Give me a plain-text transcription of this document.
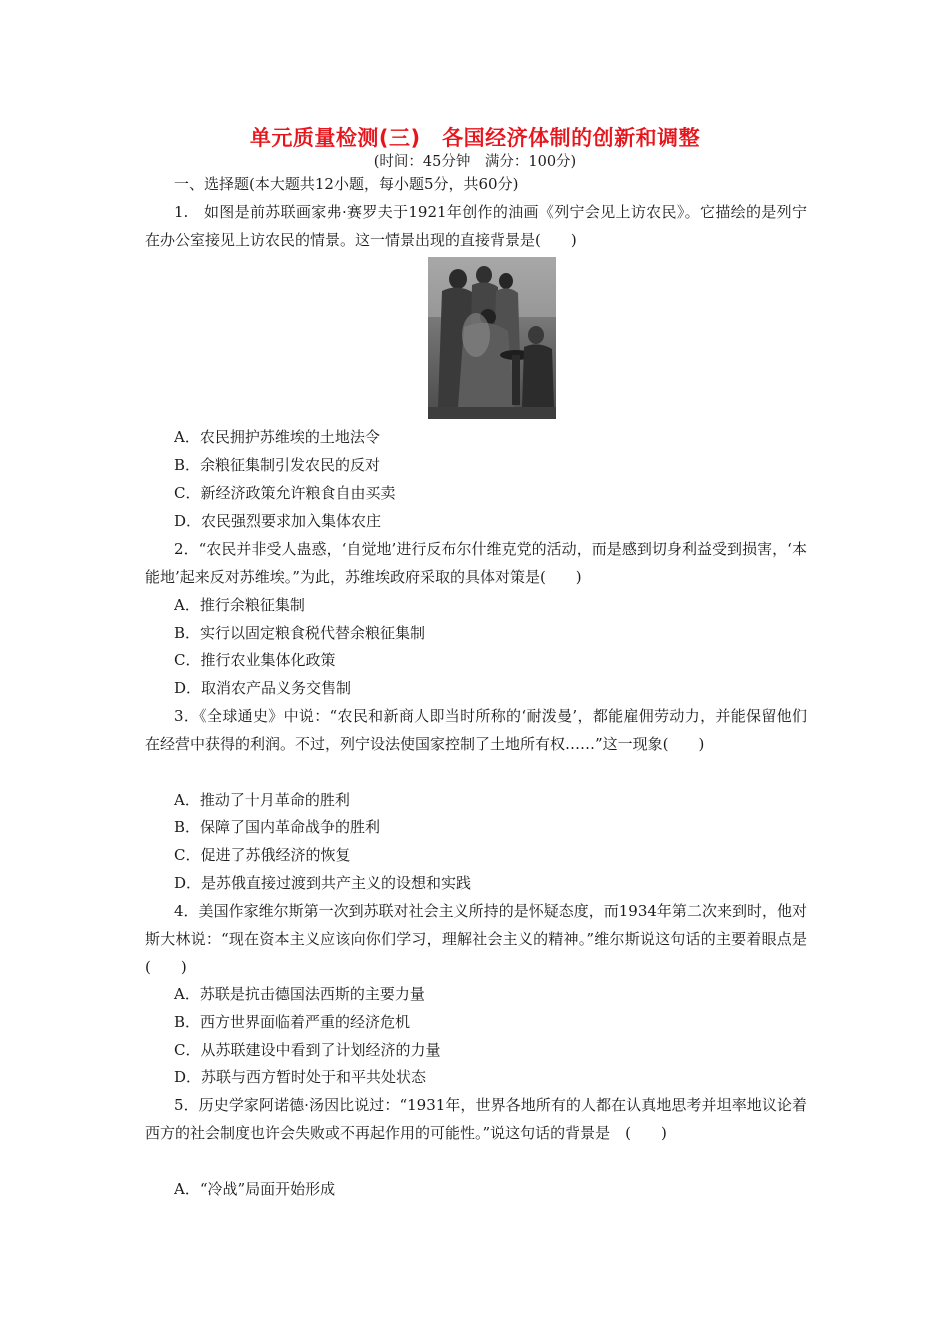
单元质量检测(三)　各国经济体制的创新和调整
(时间：45分钟　满分：100分)
一、选择题(本大题共12小题，每小题5分，共60分)
1.　如图是前苏联画家弗·赛罗夫于1921年创作的油画《列宁会见上访农民》。它描绘的是列宁在办公室接见上访农民的情景。这一情景出现的直接背景是(　　)
A．农民拥护苏维埃的土地法令
B．余粮征集制引发农民的反对
C．新经济政策允许粮食自由买卖
D．农民强烈要求加入集体农庄
2．“农民并非受人蛊惑，‘自觉地’进行反布尔什维克党的活动，而是感到切身利益受到损害，‘本能地’起来反对苏维埃。”为此，苏维埃政府采取的具体对策是(　　)
A．推行余粮征集制
B．实行以固定粮食税代替余粮征集制
C．推行农业集体化政策
D．取消农产品义务交售制
3．《全球通史》中说：“农民和新商人即当时所称的‘耐泼曼’，都能雇佣劳动力，并能保留他们在经营中获得的利润。不过，列宁设法使国家控制了土地所有权……”这一现象(　　)
A．推动了十月革命的胜利
B．保障了国内革命战争的胜利
C．促进了苏俄经济的恢复
D．是苏俄直接过渡到共产主义的设想和实践
4．美国作家维尔斯第一次到苏联对社会主义所持的是怀疑态度，而1934年第二次来到时，他对斯大林说：“现在资本主义应该向你们学习，理解社会主义的精神。”维尔斯说这句话的主要着眼点是(　　)
A．苏联是抗击德国法西斯的主要力量
B．西方世界面临着严重的经济危机
C．从苏联建设中看到了计划经济的力量
D．苏联与西方暂时处于和平共处状态
5．历史学家阿诺德·汤因比说过：“1931年，世界各地所有的人都在认真地思考并坦率地议论着西方的社会制度也许会失败或不再起作用的可能性。”说这句话的背景是　(　　)
A．“冷战”局面开始形成
